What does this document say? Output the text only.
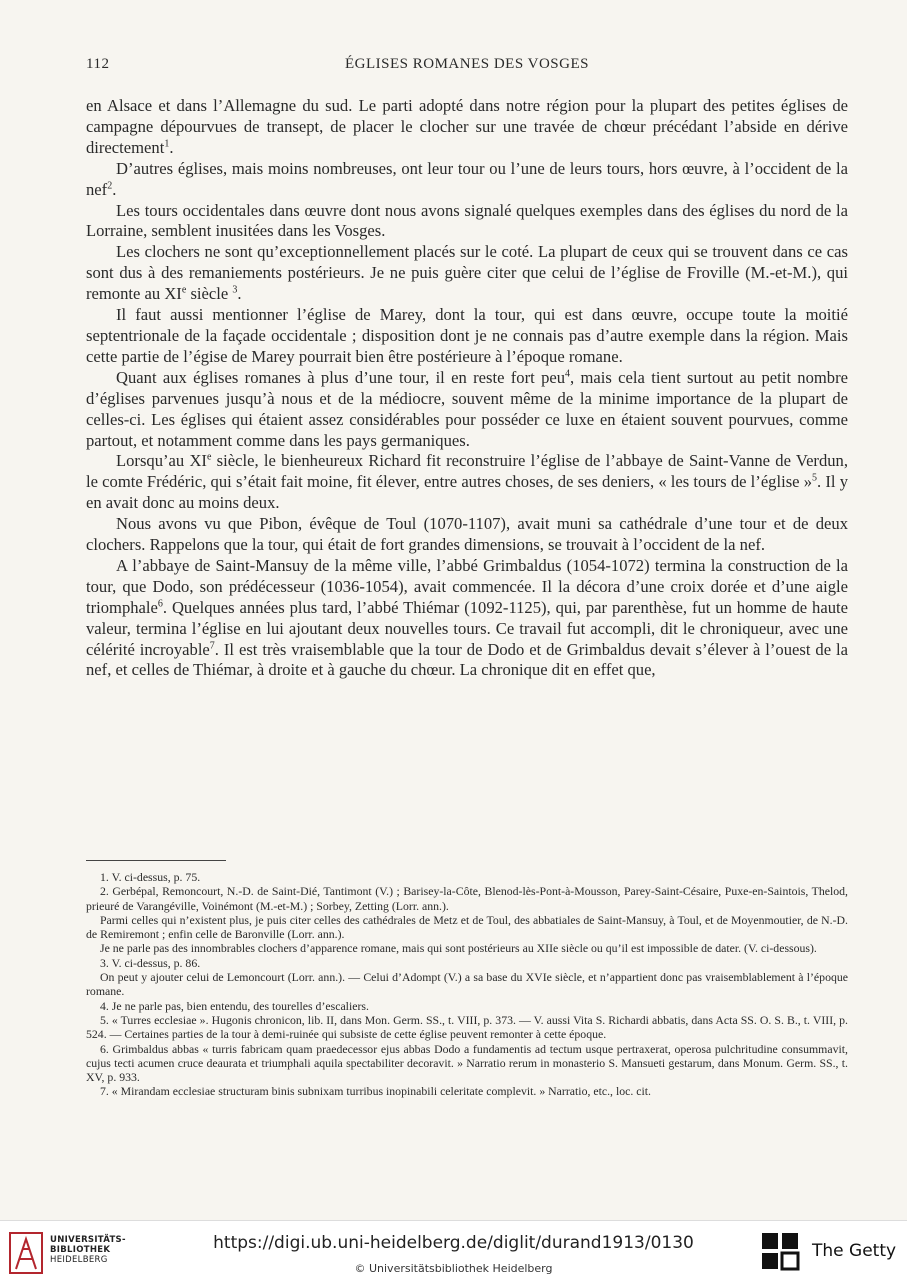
112	ÉGLISES ROMANES DES VOSGES

en Alsace et dans l’Allemagne du sud. Le parti adopté dans notre région pour la plupart des petites églises de campagne dépourvues de transept, de placer le clocher sur une travée de chœur précédant l’abside en dérive directement$^1$.

D’autres églises, mais moins nombreuses, ont leur tour ou l’une de leurs tours, hors œuvre, à l’occident de la nef$^2$.

Les tours occidentales dans œuvre dont nous avons signalé quelques exemples dans des églises du nord de la Lorraine, semblent inusitées dans les Vosges.

Les clochers ne sont qu’exceptionnellement placés sur le coté. La plupart de ceux qui se trouvent dans ce cas sont dus à des remaniements postérieurs. Je ne puis guère citer que celui de l’église de Froville (M.-et-M.), qui remonte au XIe siècle $^3$.

Il faut aussi mentionner l’église de Marey, dont la tour, qui est dans œuvre, occupe toute la moitié septentrionale de la façade occidentale ; disposition dont je ne connais pas d’autre exemple dans la région. Mais cette partie de l’égise de Marey pourrait bien être postérieure à l’époque romane.

Quant aux églises romanes à plus d’une tour, il en reste fort peu$^4$, mais cela tient surtout au petit nombre d’églises parvenues jusqu’à nous et de la médiocre, souvent même de la minime importance de la plupart de celles-ci. Les églises qui étaient assez considérables pour posséder ce luxe en étaient souvent pourvues, comme partout, et notamment comme dans les pays germaniques.

Lorsqu’au XIe siècle, le bienheureux Richard fit reconstruire l’église de l’abbaye de Saint-Vanne de Verdun, le comte Frédéric, qui s’était fait moine, fit élever, entre autres choses, de ses deniers, « les tours de l’église »$^5$. Il y en avait donc au moins deux.

Nous avons vu que Pibon, évêque de Toul (1070-1107), avait muni sa cathédrale d’une tour et de deux clochers. Rappelons que la tour, qui était de fort grandes dimensions, se trouvait à l’occident de la nef.

A l’abbaye de Saint-Mansuy de la même ville, l’abbé Grimbaldus (1054-1072) termina la construction de la tour, que Dodo, son prédécesseur (1036-1054), avait commencée. Il la décora d’une croix dorée et d’une aigle triomphale$^6$. Quelques années plus tard, l’abbé Thiémar (1092-1125), qui, par parenthèse, fut un homme de haute valeur, termina l’église en lui ajoutant deux nouvelles tours. Ce travail fut accompli, dit le chroniqueur, avec une célérité incroyable$^7$. Il est très vraisemblable que la tour de Dodo et de Grimbaldus devait s’élever à l’ouest de la nef, et celles de Thiémar, à droite et à gauche du chœur. La chronique dit en effet que,

1. V. ci-dessus, p. 75.

2. Gerbépal, Remoncourt, N.-D. de Saint-Dié, Tantimont (V.) ; Barisey-la-Côte, Blenod-lès-Pont-à-Mousson, Parey-Saint-Césaire, Puxe-en-Saintois, Thelod, prieuré de Varangéville, Voinémont (M.-et-M.) ; Sorbey, Zetting (Lorr. ann.).

Parmi celles qui n’existent plus, je puis citer celles des cathédrales de Metz et de Toul, des abbatiales de Saint-Mansuy, à Toul, et de Moyenmoutier, de N.-D. de Remiremont ; enfin celle de Baronville (Lorr. ann.).

Je ne parle pas des innombrables clochers d’apparence romane, mais qui sont postérieurs au XIIe siècle ou qu’il est impossible de dater. (V. ci-dessous).

3. V. ci-dessus, p. 86.

On peut y ajouter celui de Lemoncourt (Lorr. ann.). — Celui d’Adompt (V.) a sa base du XVIe siècle, et n’appartient donc pas vraisemblablement à l’époque romane.

4. Je ne parle pas, bien entendu, des tourelles d’escaliers.

5. « Turres ecclesiae ». Hugonis chronicon, lib. II, dans Mon. Germ. SS., t. VIII, p. 373. — V. aussi Vita S. Richardi abbatis, dans Acta SS. O. S. B., t. VIII, p. 524. — Certaines parties de la tour à demi-ruinée qui subsiste de cette église peuvent remonter à cette époque.

6. Grimbaldus abbas « turris fabricam quam praedecessor ejus abbas Dodo a fundamentis ad tectum usque pertraxerat, operosa pulchritudine consummavit, cujus tecti acumen cruce deaurata et triumphali aquila spectabiliter decoravit. » Narratio rerum in monasterio S. Mansueti gestarum, dans Monum. Germ. SS., t. XV, p. 933.

7. « Mirandam ecclesiae structuram binis subnixam turribus inopinabili celeritate complevit. » Narratio, etc., loc. cit.

UNIVERSITÄTS-
BIBLIOTHEK
HEIDELBERG
https://digi.ub.uni-heidelberg.de/diglit/durand1913/0130
© Universitätsbibliothek Heidelberg
The Getty
